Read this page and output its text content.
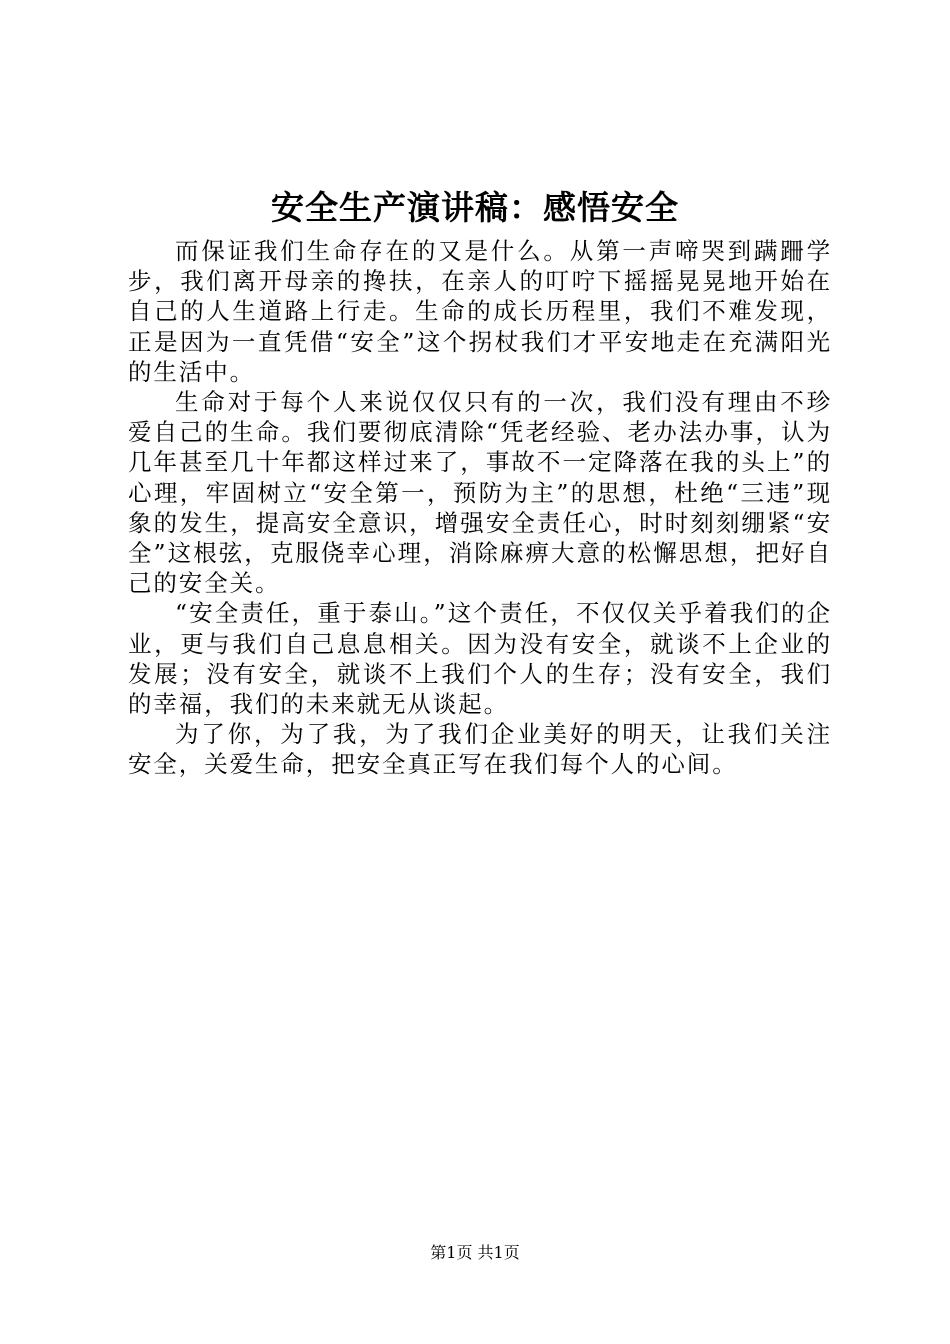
安全生产演讲稿：感悟安全

而保证我们生命存在的又是什么。从第一声啼哭到蹒跚学步，我们离开母亲的搀扶，在亲人的叮咛下摇摇晃晃地开始在自己的人生道路上行走。生命的成长历程里，我们不难发现，正是因为一直凭借“安全”这个拐杖我们才平安地走在充满阳光的生活中。

生命对于每个人来说仅仅只有的一次，我们没有理由不珍爱自己的生命。我们要彻底清除“凭老经验、老办法办事，认为几年甚至几十年都这样过来了，事故不一定降落在我的头上”的心理，牢固树立“安全第一，预防为主”的思想，杜绝“三违”现象的发生，提高安全意识，增强安全责任心，时时刻刻绷紧“安全”这根弦，克服侥幸心理，消除麻痹大意的松懈思想，把好自己的安全关。

“安全责任，重于泰山。”这个责任，不仅仅关乎着我们的企业，更与我们自己息息相关。因为没有安全，就谈不上企业的发展；没有安全，就谈不上我们个人的生存；没有安全，我们的幸福，我们的未来就无从谈起。

为了你，为了我，为了我们企业美好的明天，让我们关注安全，关爱生命，把安全真正写在我们每个人的心间。

第1页 共1页
